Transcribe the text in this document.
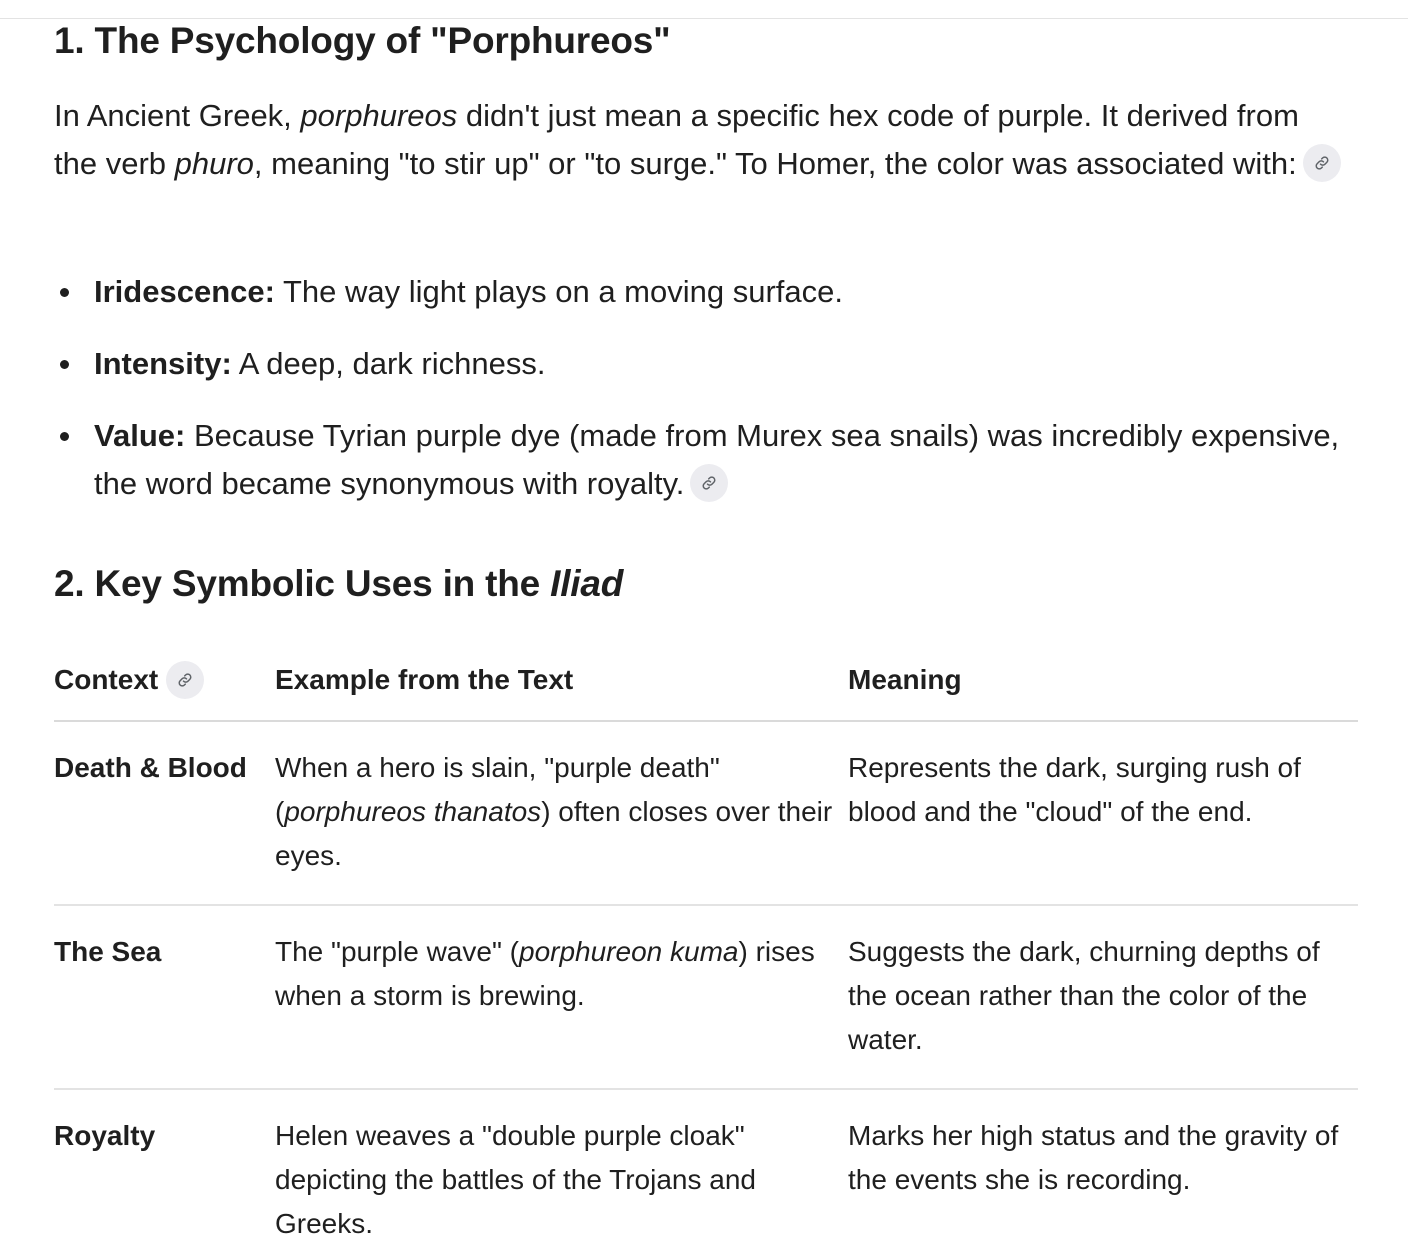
1. The Psychology of "Porphureos"

In Ancient Greek, porphureos didn't just mean a specific hex code of purple. It derived from the verb phuro, meaning "to stir up" or "to surge." To Homer, the color was associated with:

Iridescence: The way light plays on a moving surface.
Intensity: A deep, dark richness.
Value: Because Tyrian purple dye (made from Murex sea snails) was incredibly expensive, the word became synonymous with royalty.
2. Key Symbolic Uses in the Iliad
Context	Example from the Text	Meaning
Death & Blood	When a hero is slain, "purple death" (porphureos thanatos) often closes over their eyes.	Represents the dark, surging rush of blood and the "cloud" of the end.
The Sea	The "purple wave" (porphureon kuma) rises when a storm is brewing.	Suggests the dark, churning depths of the ocean rather than the color of the water.
Royalty	Helen weaves a "double purple cloak" depicting the battles of the Trojans and Greeks.	Marks her high status and the gravity of the events she is recording.
